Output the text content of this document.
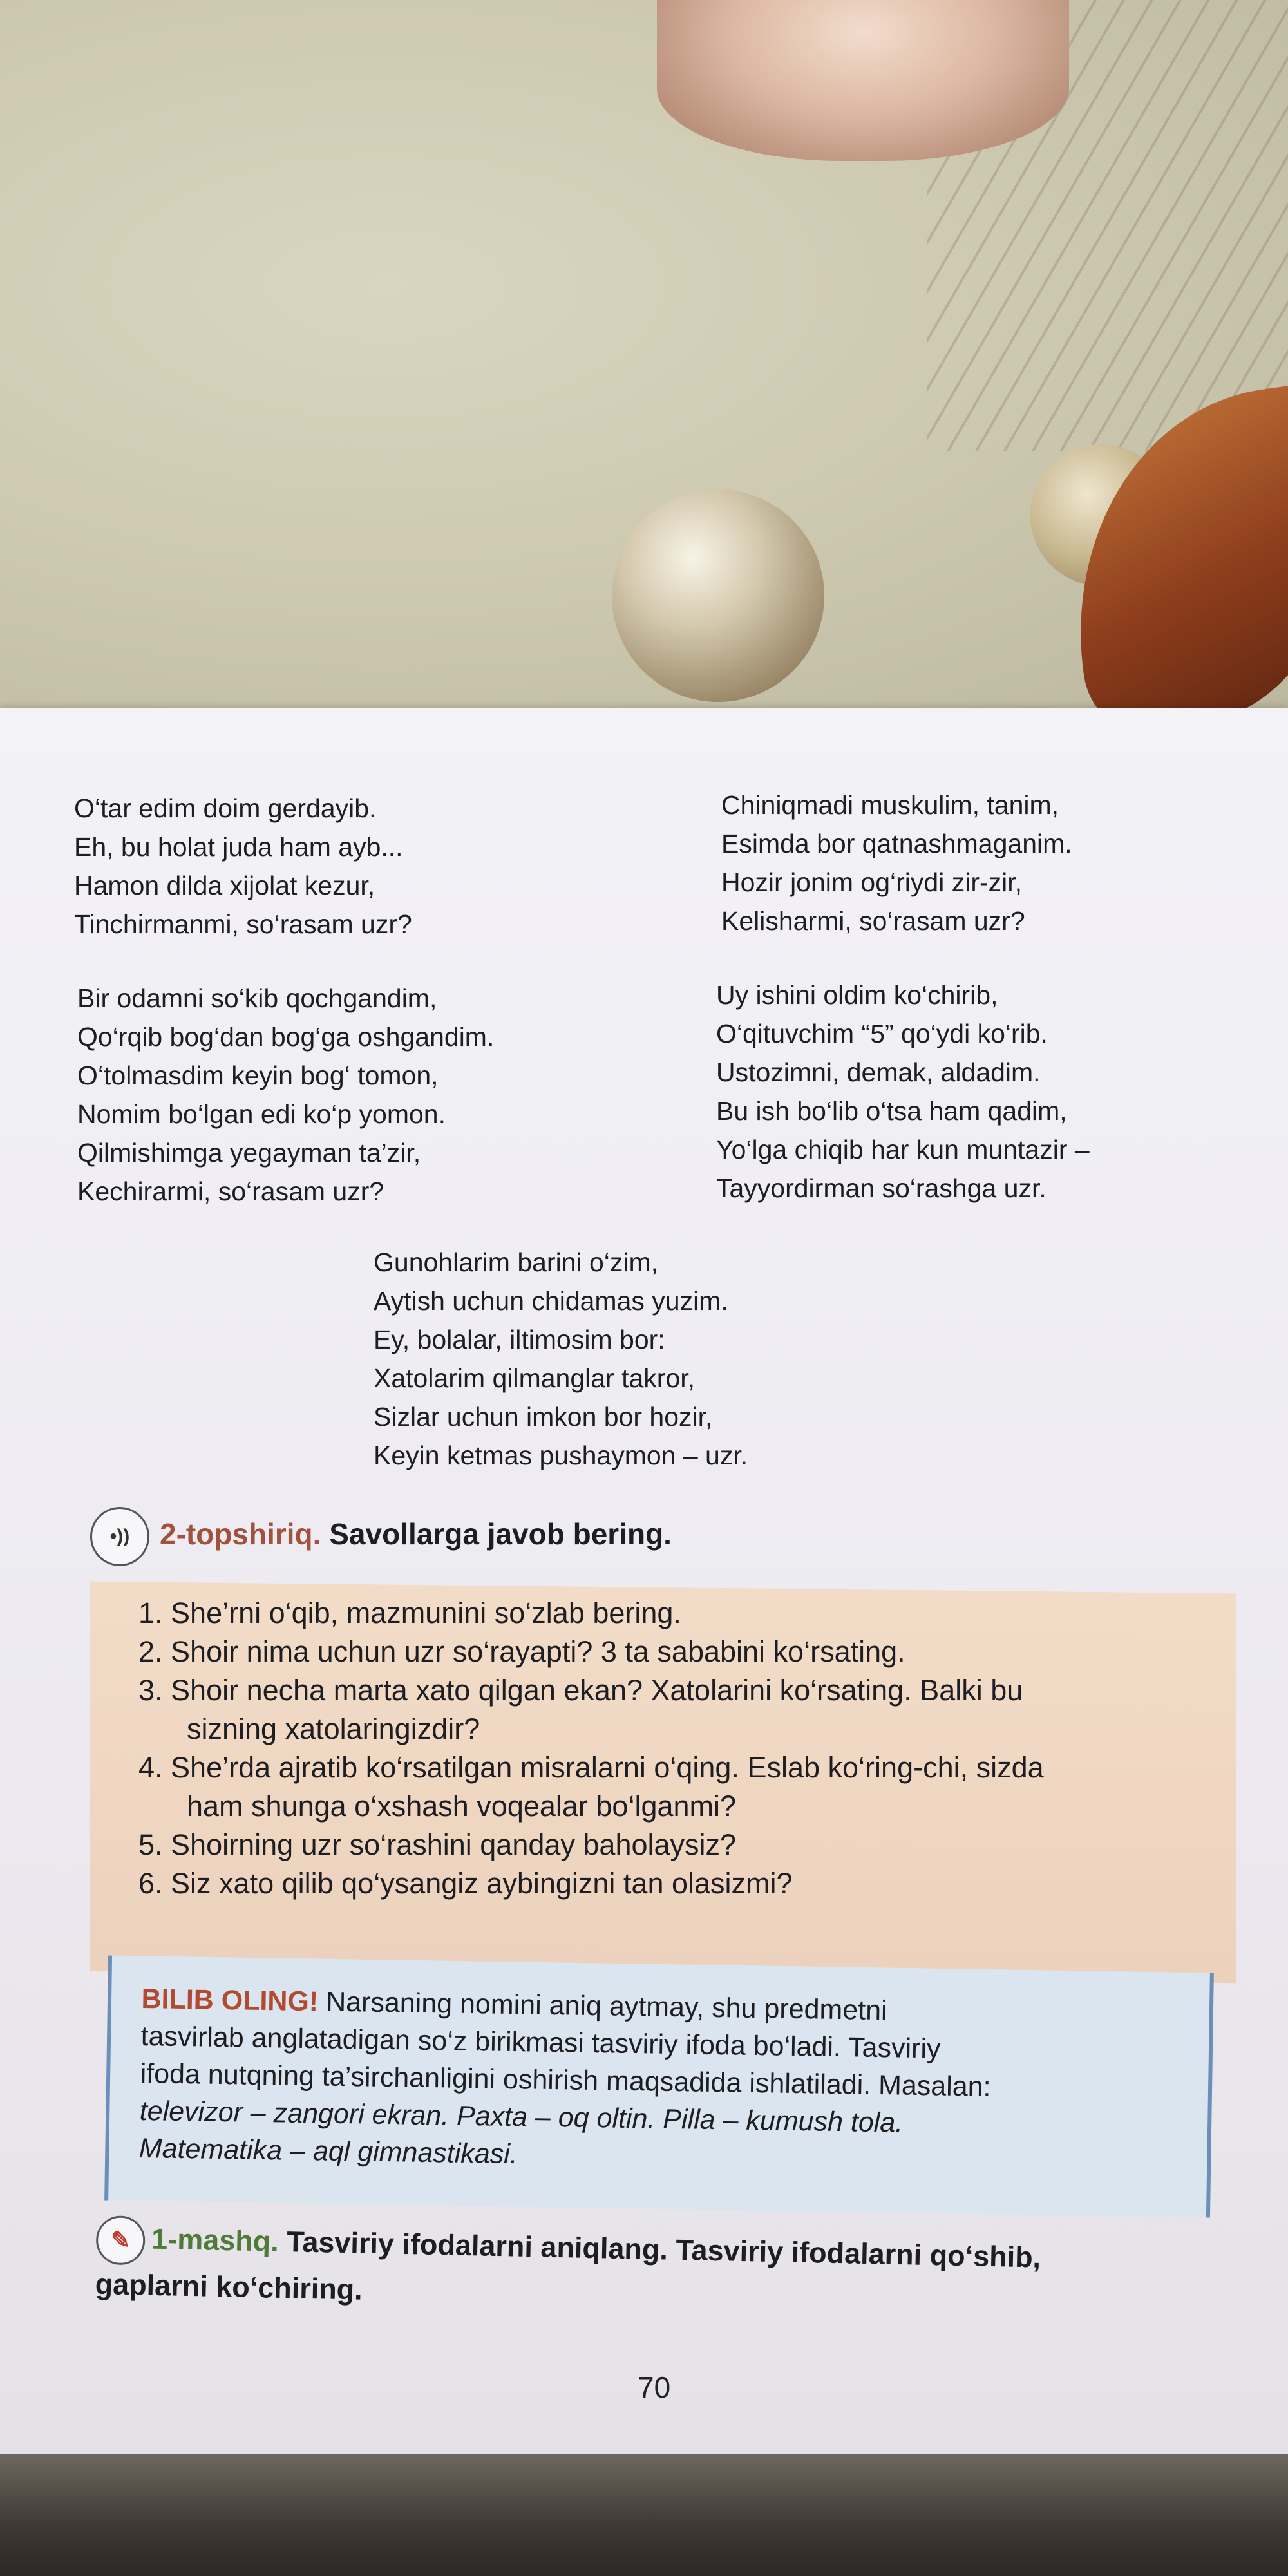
O‘tar edim doim gerdayib.
Eh, bu holat juda ham ayb...
Hamon dilda xijolat kezur,
Tinchirmanmi, so‘rasam uzr?
Chiniqmadi muskulim, tanim,
Esimda bor qatnashmaganim.
Hozir jonim og‘riydi zir-zir,
Kelisharmi, so‘rasam uzr?
Bir odamni so‘kib qochgandim,
Qo‘rqib bog‘dan bog‘ga oshgandim.
O‘tolmasdim keyin bog‘ tomon,
Nomim bo‘lgan edi ko‘p yomon.
Qilmishimga yegayman ta’zir,
Kechirarmi, so‘rasam uzr?
Uy ishini oldim ko‘chirib,
O‘qituvchim “5” qo‘ydi ko‘rib.
Ustozimni, demak, aldadim.
Bu ish bo‘lib o‘tsa ham qadim,
Yo‘lga chiqib har kun muntazir –
Tayyordirman so‘rashga uzr.
Gunohlarim barini o‘zim,
Aytish uchun chidamas yuzim.
Ey, bolalar, iltimosim bor:
Xatolarim qilmanglar takror,
Sizlar uchun imkon bor hozir,
Keyin ketmas pushaymon – uzr.
•)) 2-topshiriq. Savollarga javob bering.
1. She’rni o‘qib, mazmunini so‘zlab bering.
2. Shoir nima uchun uzr so‘rayapti? 3 ta sababini ko‘rsating.
3. Shoir necha marta xato qilgan ekan? Xatolarini ko‘rsating. Balki bu
sizning xatolaringizdir?
4. She’rda ajratib ko‘rsatilgan misralarni o‘qing. Eslab ko‘ring-chi, sizda
ham shunga o‘xshash voqealar bo‘lganmi?
5. Shoirning uzr so‘rashini qanday baholaysiz?
6. Siz xato qilib qo‘ysangiz aybingizni tan olasizmi?
BILIB OLING! Narsaning nomini aniq aytmay, shu predmetni
tasvirlab anglatadigan so‘z birikmasi tasviriy ifoda bo‘ladi. Tasviriy
ifoda nutqning ta’sirchanligini oshirish maqsadida ishlatiladi. Masalan:
televizor – zangori ekran. Paxta – oq oltin. Pilla – kumush tola.
Matematika – aql gimnastikasi.
✎ 1-mashq. Tasviriy ifodalarni aniqlang. Tasviriy ifodalarni qo‘shib,
gaplarni ko‘chiring.
70
